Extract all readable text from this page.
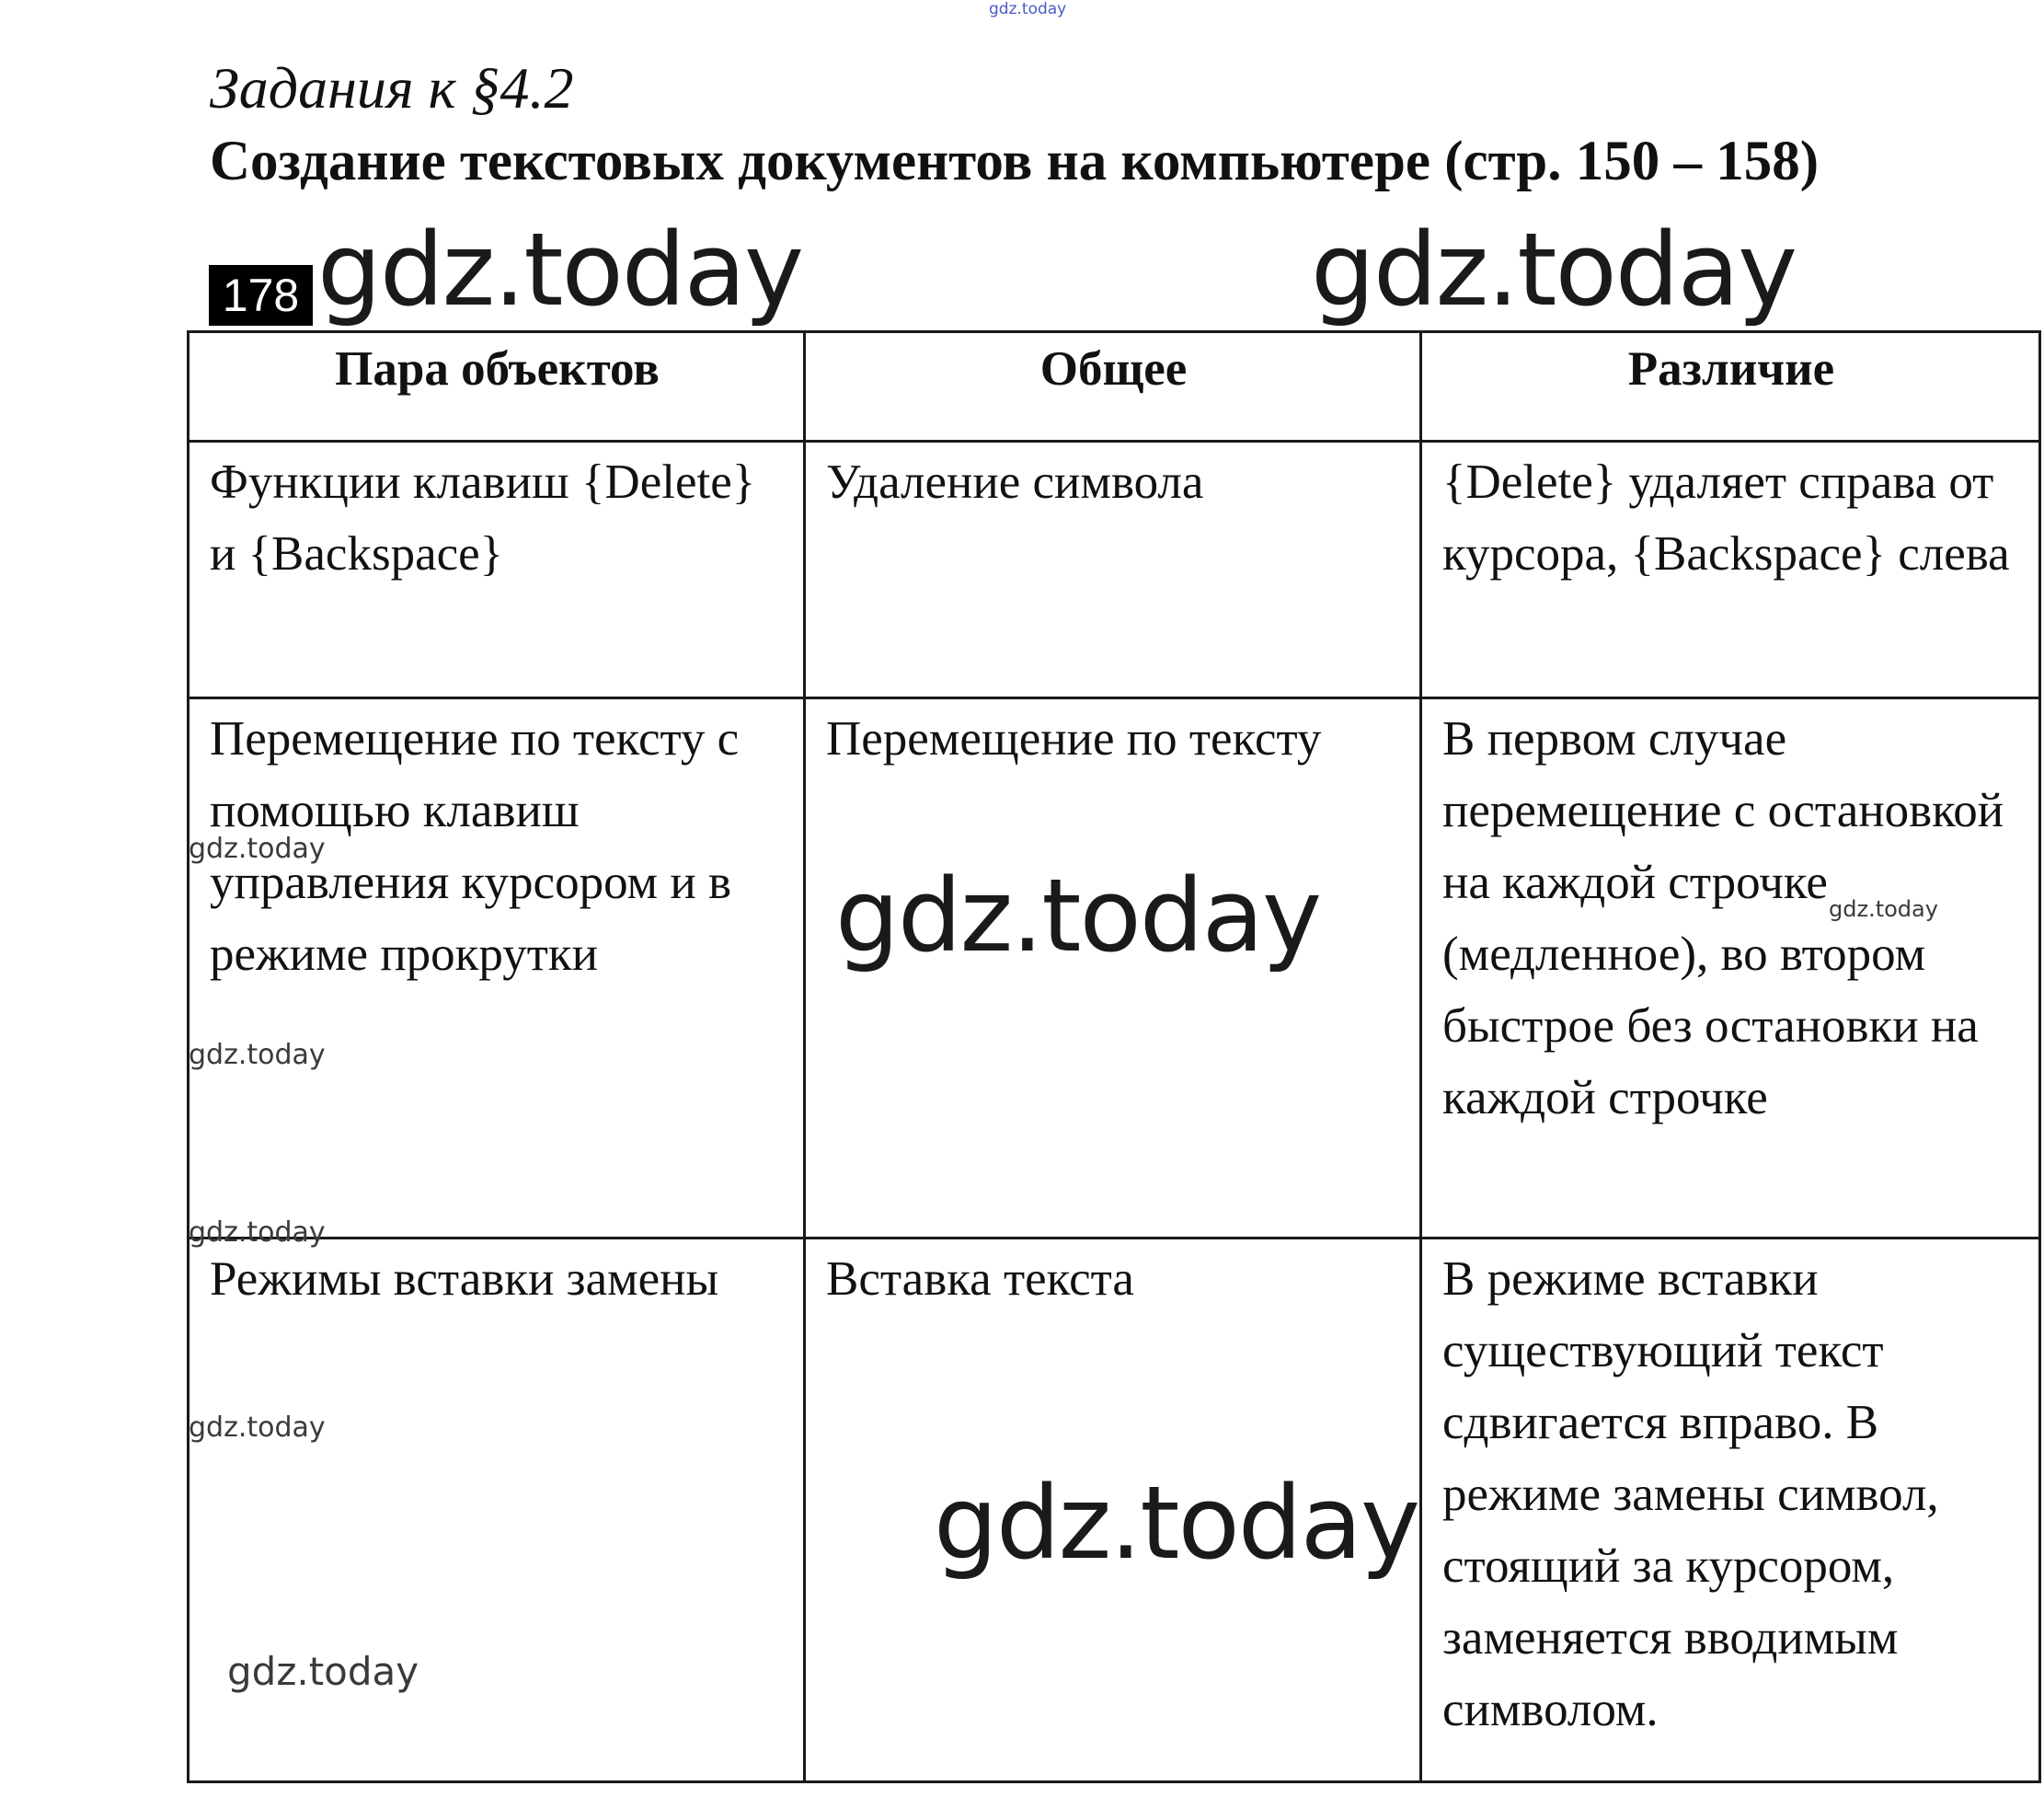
gdz.today
Задания к §4.2
Создание текстовых документов на компьютере (стр. 150 – 158)
178
Пара объектов	Общее	Различие
Функции клавиш {Delete} и {Backspace}	Удаление символа	{Delete} удаляет справа от курсора, {Backspace} слева
Перемещение по тексту с помощью клавиш управления курсором и в режиме прокрутки	Перемещение по тексту	В первом случае перемещение с остановкой на каждой строчке (медленное), во втором быстрое без остановки на каждой строчке
Режимы вставки замены	Вставка текста	В режиме вставки существующий текст сдвигается вправо. В режиме замены символ, стоящий за курсором, заменяется вводимым символом.
gdz.today	gdz.today
gdz.today
gdz.today
gdz.today
gdz.today
gdz.today
gdz.today
gdz.today
gdz.today
